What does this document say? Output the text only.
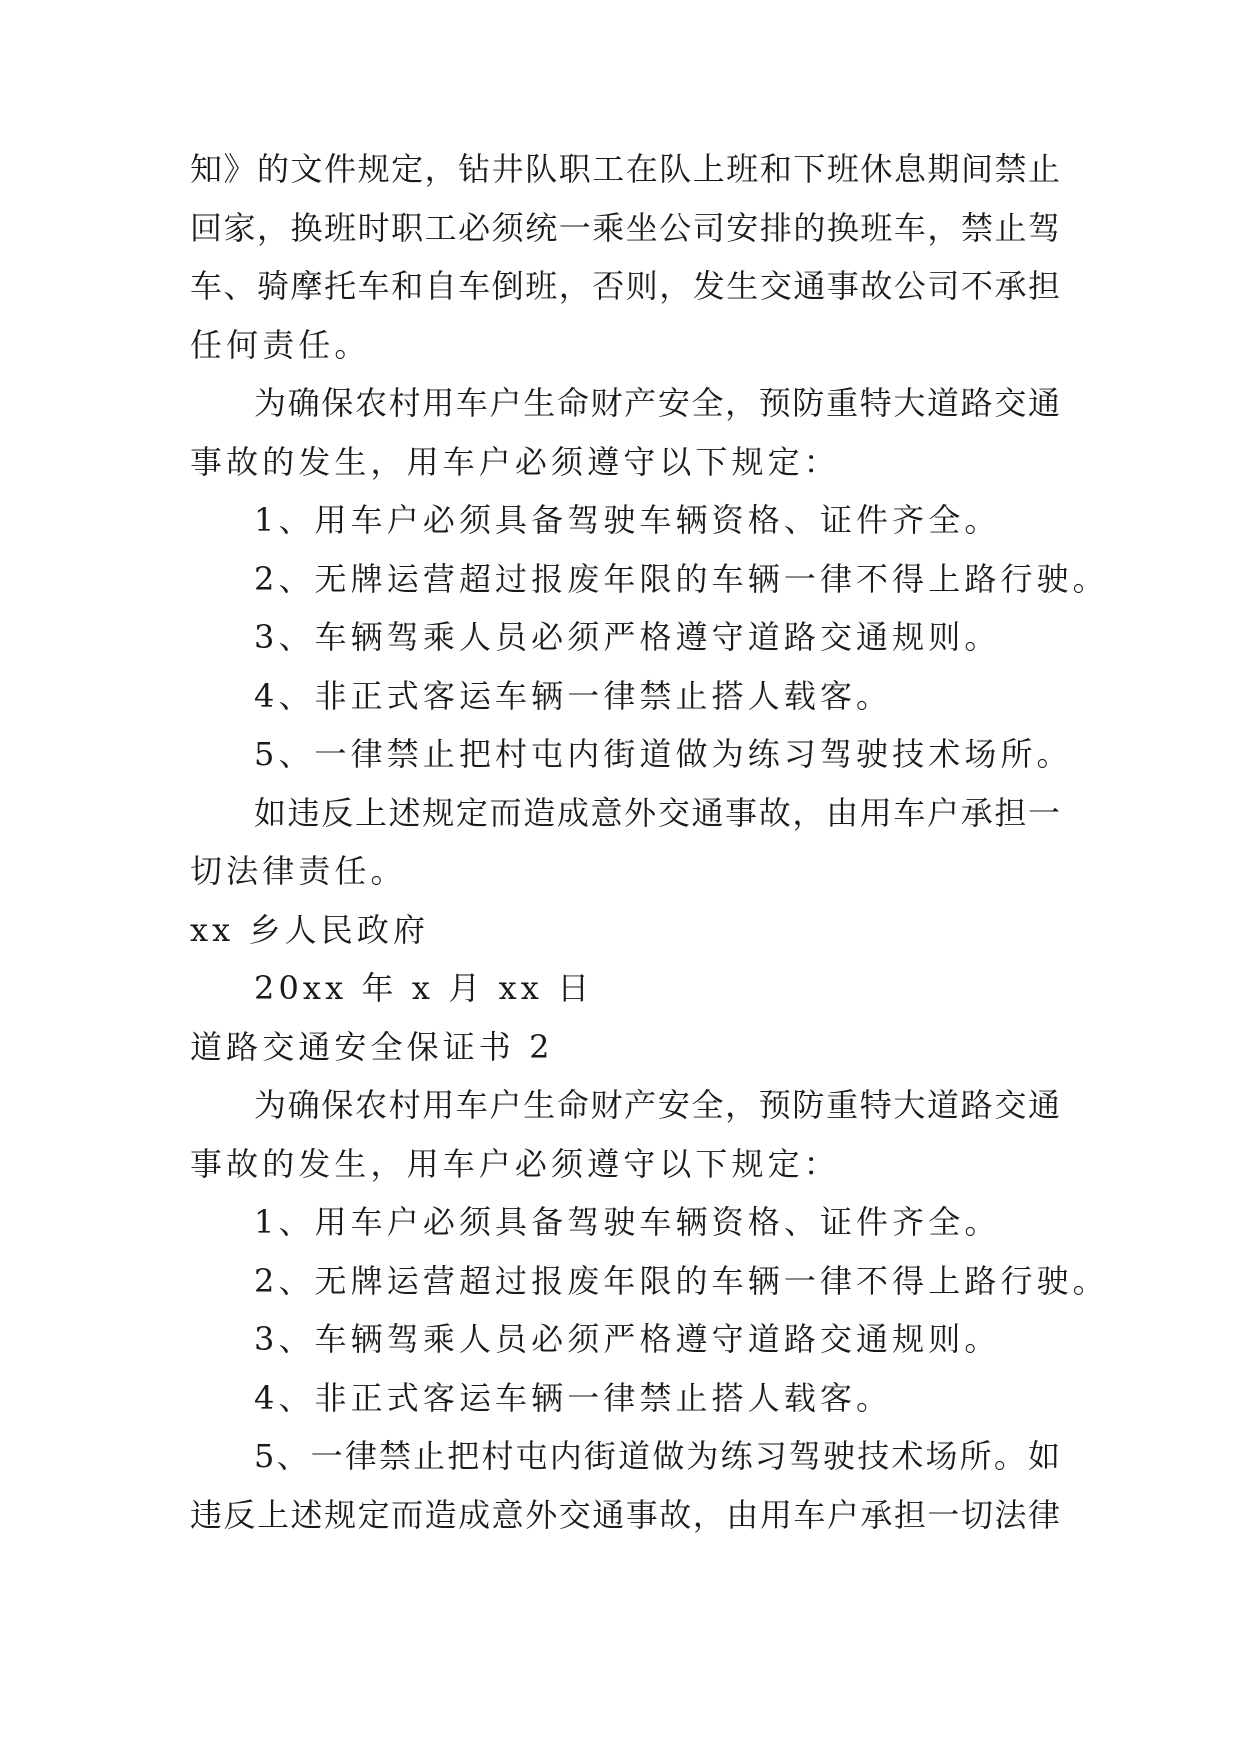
知》的文件规定，钻井队职工在队上班和下班休息期间禁止

回家，换班时职工必须统一乘坐公司安排的换班车，禁止驾

车、骑摩托车和自车倒班，否则，发生交通事故公司不承担

任何责任。

为确保农村用车户生命财产安全，预防重特大道路交通

事故的发生，用车户必须遵守以下规定：

1、用车户必须具备驾驶车辆资格、证件齐全。

2、无牌运营超过报废年限的车辆一律不得上路行驶。

3、车辆驾乘人员必须严格遵守道路交通规则。

4、非正式客运车辆一律禁止搭人载客。

5、一律禁止把村屯内街道做为练习驾驶技术场所。

如违反上述规定而造成意外交通事故，由用车户承担一

切法律责任。

xx 乡人民政府

20xx 年 x 月 xx 日

道路交通安全保证书 2

为确保农村用车户生命财产安全，预防重特大道路交通

事故的发生，用车户必须遵守以下规定：

1、用车户必须具备驾驶车辆资格、证件齐全。

2、无牌运营超过报废年限的车辆一律不得上路行驶。

3、车辆驾乘人员必须严格遵守道路交通规则。

4、非正式客运车辆一律禁止搭人载客。

5、一律禁止把村屯内街道做为练习驾驶技术场所。如

违反上述规定而造成意外交通事故，由用车户承担一切法律
